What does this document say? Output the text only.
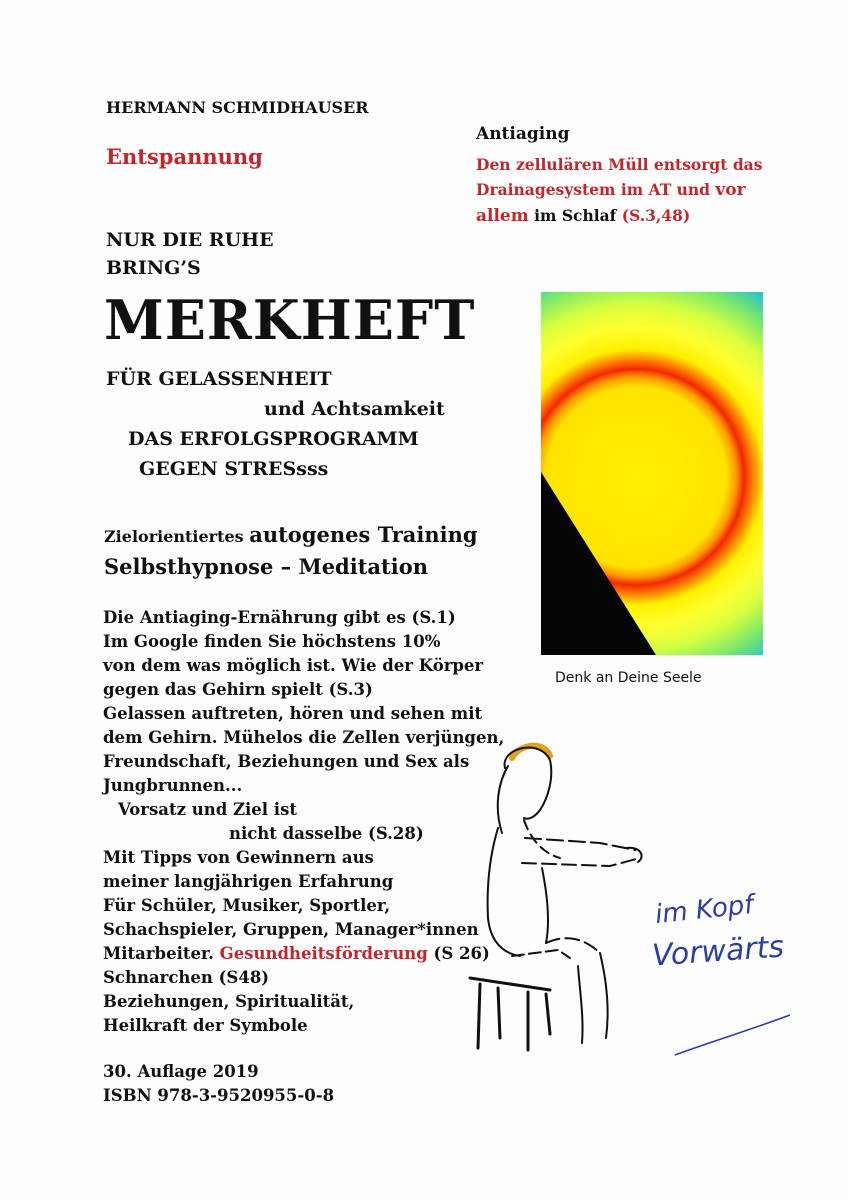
HERMANN SCHMIDHAUSER
Antiaging
Den zellulären Müll entsorgt das
Drainagesystem im AT und vor
allem im Schlaf (S.3,48)
Entspannung
NUR DIE RUHE
BRING’S
MERKHEFT
FÜR GELASSENHEIT
und Achtsamkeit
DAS ERFOLGSPROGRAMM
GEGEN STRESsss
Zielorientiertes autogenes Training
Selbsthypnose – Meditation
Die Antiaging-Ernährung gibt es (S.1)
Im Google finden Sie höchstens 10%
von dem was möglich ist. Wie der Körper
gegen das Gehirn spielt (S.3)
Gelassen auftreten, hören und sehen mit
dem Gehirn. Mühelos die Zellen verjüngen,
Freundschaft, Beziehungen und Sex als
Jungbrunnen...
Vorsatz und Ziel ist
nicht dasselbe (S.28)
Mit Tipps von Gewinnern aus
meiner langjährigen Erfahrung
Für Schüler, Musiker, Sportler,
Schachspieler, Gruppen, Manager*innen
Mitarbeiter. Gesundheitsförderung (S 26)
Schnarchen (S48)
Beziehungen, Spiritualität,
Heilkraft der Symbole
30. Auflage 2019
ISBN 978-3-9520955-0-8
Denk an Deine Seele
im Kopf
Vorwärts
